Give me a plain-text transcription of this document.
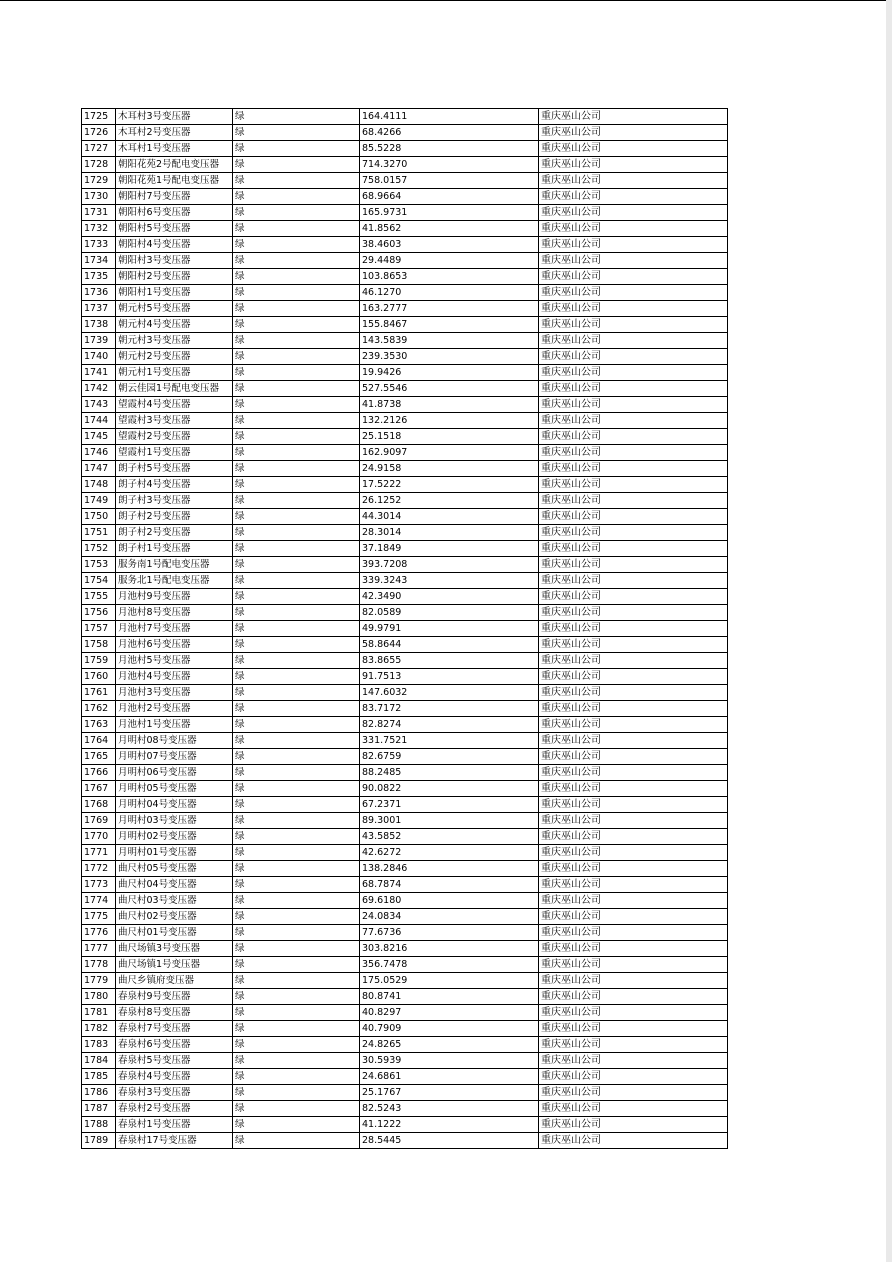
1725	木耳村3号变压器	绿	164.4111	重庆巫山公司
1726	木耳村2号变压器	绿	68.4266	重庆巫山公司
1727	木耳村1号变压器	绿	85.5228	重庆巫山公司
1728	朝阳花苑2号配电变压器	绿	714.3270	重庆巫山公司
1729	朝阳花苑1号配电变压器	绿	758.0157	重庆巫山公司
1730	朝阳村7号变压器	绿	68.9664	重庆巫山公司
1731	朝阳村6号变压器	绿	165.9731	重庆巫山公司
1732	朝阳村5号变压器	绿	41.8562	重庆巫山公司
1733	朝阳村4号变压器	绿	38.4603	重庆巫山公司
1734	朝阳村3号变压器	绿	29.4489	重庆巫山公司
1735	朝阳村2号变压器	绿	103.8653	重庆巫山公司
1736	朝阳村1号变压器	绿	46.1270	重庆巫山公司
1737	朝元村5号变压器	绿	163.2777	重庆巫山公司
1738	朝元村4号变压器	绿	155.8467	重庆巫山公司
1739	朝元村3号变压器	绿	143.5839	重庆巫山公司
1740	朝元村2号变压器	绿	239.3530	重庆巫山公司
1741	朝元村1号变压器	绿	19.9426	重庆巫山公司
1742	朝云佳园1号配电变压器	绿	527.5546	重庆巫山公司
1743	望霞村4号变压器	绿	41.8738	重庆巫山公司
1744	望霞村3号变压器	绿	132.2126	重庆巫山公司
1745	望霞村2号变压器	绿	25.1518	重庆巫山公司
1746	望霞村1号变压器	绿	162.9097	重庆巫山公司
1747	朗子村5号变压器	绿	24.9158	重庆巫山公司
1748	朗子村4号变压器	绿	17.5222	重庆巫山公司
1749	朗子村3号变压器	绿	26.1252	重庆巫山公司
1750	朗子村2号变压器	绿	44.3014	重庆巫山公司
1751	朗子村2号变压器	绿	28.3014	重庆巫山公司
1752	朗子村1号变压器	绿	37.1849	重庆巫山公司
1753	服务南1号配电变压器	绿	393.7208	重庆巫山公司
1754	服务北1号配电变压器	绿	339.3243	重庆巫山公司
1755	月池村9号变压器	绿	42.3490	重庆巫山公司
1756	月池村8号变压器	绿	82.0589	重庆巫山公司
1757	月池村7号变压器	绿	49.9791	重庆巫山公司
1758	月池村6号变压器	绿	58.8644	重庆巫山公司
1759	月池村5号变压器	绿	83.8655	重庆巫山公司
1760	月池村4号变压器	绿	91.7513	重庆巫山公司
1761	月池村3号变压器	绿	147.6032	重庆巫山公司
1762	月池村2号变压器	绿	83.7172	重庆巫山公司
1763	月池村1号变压器	绿	82.8274	重庆巫山公司
1764	月明村08号变压器	绿	331.7521	重庆巫山公司
1765	月明村07号变压器	绿	82.6759	重庆巫山公司
1766	月明村06号变压器	绿	88.2485	重庆巫山公司
1767	月明村05号变压器	绿	90.0822	重庆巫山公司
1768	月明村04号变压器	绿	67.2371	重庆巫山公司
1769	月明村03号变压器	绿	89.3001	重庆巫山公司
1770	月明村02号变压器	绿	43.5852	重庆巫山公司
1771	月明村01号变压器	绿	42.6272	重庆巫山公司
1772	曲尺村05号变压器	绿	138.2846	重庆巫山公司
1773	曲尺村04号变压器	绿	68.7874	重庆巫山公司
1774	曲尺村03号变压器	绿	69.6180	重庆巫山公司
1775	曲尺村02号变压器	绿	24.0834	重庆巫山公司
1776	曲尺村01号变压器	绿	77.6736	重庆巫山公司
1777	曲尺场镇3号变压器	绿	303.8216	重庆巫山公司
1778	曲尺场镇1号变压器	绿	356.7478	重庆巫山公司
1779	曲尺乡镇府变压器	绿	175.0529	重庆巫山公司
1780	春泉村9号变压器	绿	80.8741	重庆巫山公司
1781	春泉村8号变压器	绿	40.8297	重庆巫山公司
1782	春泉村7号变压器	绿	40.7909	重庆巫山公司
1783	春泉村6号变压器	绿	24.8265	重庆巫山公司
1784	春泉村5号变压器	绿	30.5939	重庆巫山公司
1785	春泉村4号变压器	绿	24.6861	重庆巫山公司
1786	春泉村3号变压器	绿	25.1767	重庆巫山公司
1787	春泉村2号变压器	绿	82.5243	重庆巫山公司
1788	春泉村1号变压器	绿	41.1222	重庆巫山公司
1789	春泉村17号变压器	绿	28.5445	重庆巫山公司
